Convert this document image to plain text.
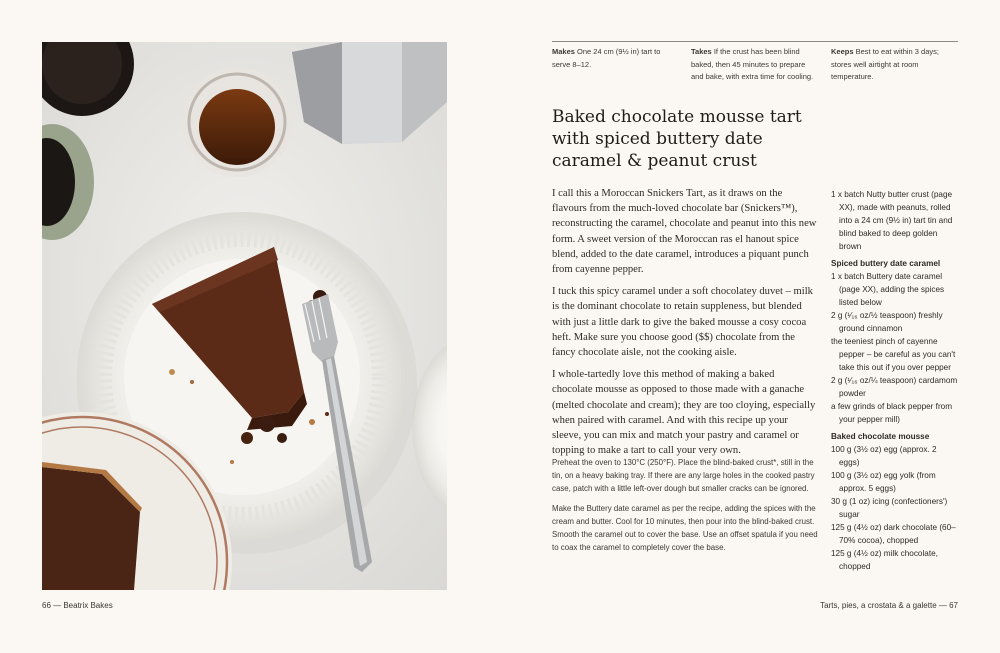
66 — Beatrix Bakes	Tarts, pies, a crostata & a galette — 67
Makes One 24 cm (9½ in) tart to serve 8–12.
Takes If the crust has been blind baked, then 45 minutes to prepare and bake, with extra time for cooling.
Keeps Best to eat within 3 days; stores well airtight at room temperature.
Baked chocolate mousse tart with spiced buttery date caramel & peanut crust

I call this a Moroccan Snickers Tart, as it draws on the flavours from the much-loved chocolate bar (Snickers™), reconstructing the caramel, chocolate and peanut into this new form. A sweet version of the Moroccan ras el hanout spice blend, added to the date caramel, introduces a piquant punch from cayenne pepper.

I tuck this spicy caramel under a soft chocolatey duvet – milk is the dominant chocolate to retain suppleness, but blended with just a little dark to give the baked mousse a cosy cocoa heft. Make sure you choose good ($$) chocolate from the fancy chocolate aisle, not the cooking aisle.

I whole-tartedly love this method of making a baked chocolate mousse as opposed to those made with a ganache (melted chocolate and cream); they are too cloying, especially when paired with caramel. And with this recipe up your sleeve, you can mix and match your pastry and caramel or topping to make a tart to call your very own.

Preheat the oven to 130°C (250°F). Place the blind-baked crust*, still in the tin, on a heavy baking tray. If there are any large holes in the cooked pastry case, patch with a little left-over dough but smaller cracks can be ignored.

Make the Buttery date caramel as per the recipe, adding the spices with the cream and butter. Cool for 10 minutes, then pour into the blind-baked crust. Smooth the caramel out to cover the base. Use an offset spatula if you need to coax the caramel to completely cover the base.

1 x batch Nutty butter crust (page XX), made with peanuts, rolled into a 24 cm (9½ in) tart tin and blind baked to deep golden brown
Spiced buttery date caramel
1 x batch Buttery date caramel (page XX), adding the spices listed below
2 g (¹⁄₁₆ oz/½ teaspoon) freshly ground cinnamon
the teeniest pinch of cayenne pepper – be careful as you can't take this out if you over pepper
2 g (¹⁄₁₆ oz/¼ teaspoon) cardamom powder
a few grinds of black pepper from your pepper mill)
Baked chocolate mousse
100 g (3½ oz) egg (approx. 2 eggs)
100 g (3½ oz) egg yolk (from approx. 5 eggs)
30 g (1 oz) icing (confectioners') sugar
125 g (4½ oz) dark chocolate (60–70% cocoa), chopped
125 g (4½ oz) milk chocolate, chopped
